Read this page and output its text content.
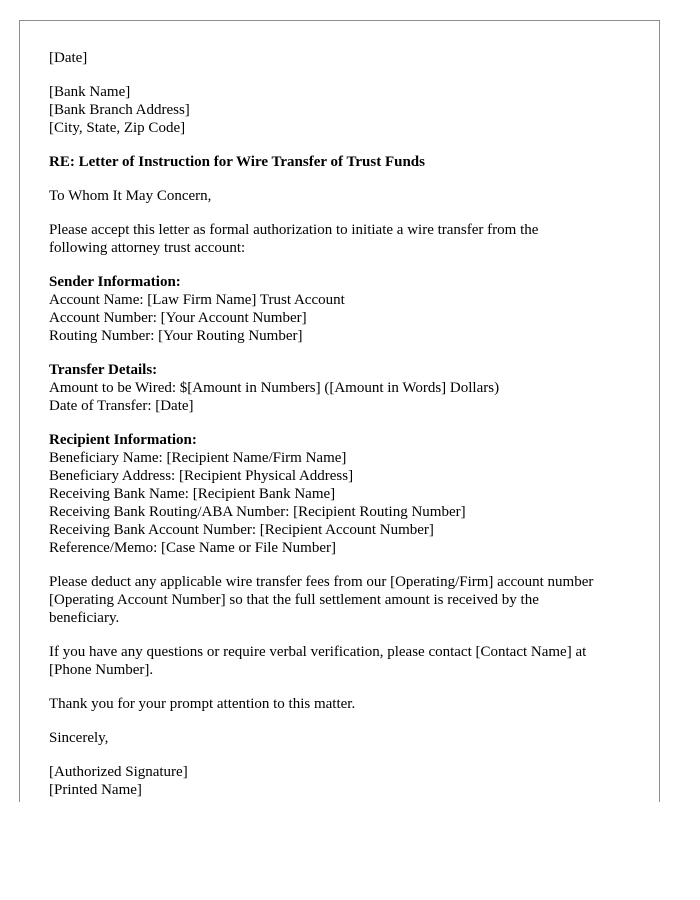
[Date]
[Bank Name]
[Bank Branch Address]
[City, State, Zip Code]
RE: Letter of Instruction for Wire Transfer of Trust Funds
To Whom It May Concern,
Please accept this letter as formal authorization to initiate a wire transfer from the
following attorney trust account:
Sender Information:
Account Name: [Law Firm Name] Trust Account
Account Number: [Your Account Number]
Routing Number: [Your Routing Number]
Transfer Details:
Amount to be Wired: $[Amount in Numbers] ([Amount in Words] Dollars)
Date of Transfer: [Date]
Recipient Information:
Beneficiary Name: [Recipient Name/Firm Name]
Beneficiary Address: [Recipient Physical Address]
Receiving Bank Name: [Recipient Bank Name]
Receiving Bank Routing/ABA Number: [Recipient Routing Number]
Receiving Bank Account Number: [Recipient Account Number]
Reference/Memo: [Case Name or File Number]
Please deduct any applicable wire transfer fees from our [Operating/Firm] account number
[Operating Account Number] so that the full settlement amount is received by the
beneficiary.
If you have any questions or require verbal verification, please contact [Contact Name] at
[Phone Number].
Thank you for your prompt attention to this matter.
Sincerely,
[Authorized Signature]
[Printed Name]
